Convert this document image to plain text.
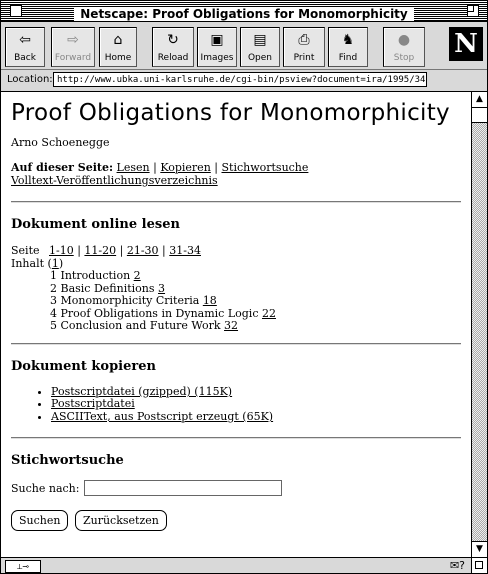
Netscape: Proof Obligations for Monomorphicity
⇦
Back
⇨
Forward
⌂
Home
↻
Reload
▣
Images
▤
Open
⎙
Print
♞
Find
●
Stop	N
Location: http://www.ubka.uni-karlsruhe.de/cgi-bin/psview?document=ira/1995/34
Proof Obligations for Monomorphicity
Arno Schoenegge
Auf dieser Seite: Lesen | Kopieren | Stichwortsuche
Volltext-Veröffentlichungsverzeichnis
Dokument online lesen
Seite 1-10 | 11-20 | 21-30 | 31-34
Inhalt (1)
1 Introduction 2
2 Basic Definitions 3
3 Monomorphicity Criteria 18
4 Proof Obligations in Dynamic Logic 22
5 Conclusion and Future Work 32
Dokument kopieren
• Postscriptdatei (gzipped) (115K)
• Postscriptdatei
• ASCIIText, aus Postscript erzeugt (65K)
Stichwortsuche
Suche nach:
Suchen Zurücksetzen
▲
▼
⟂⊸	✉?
